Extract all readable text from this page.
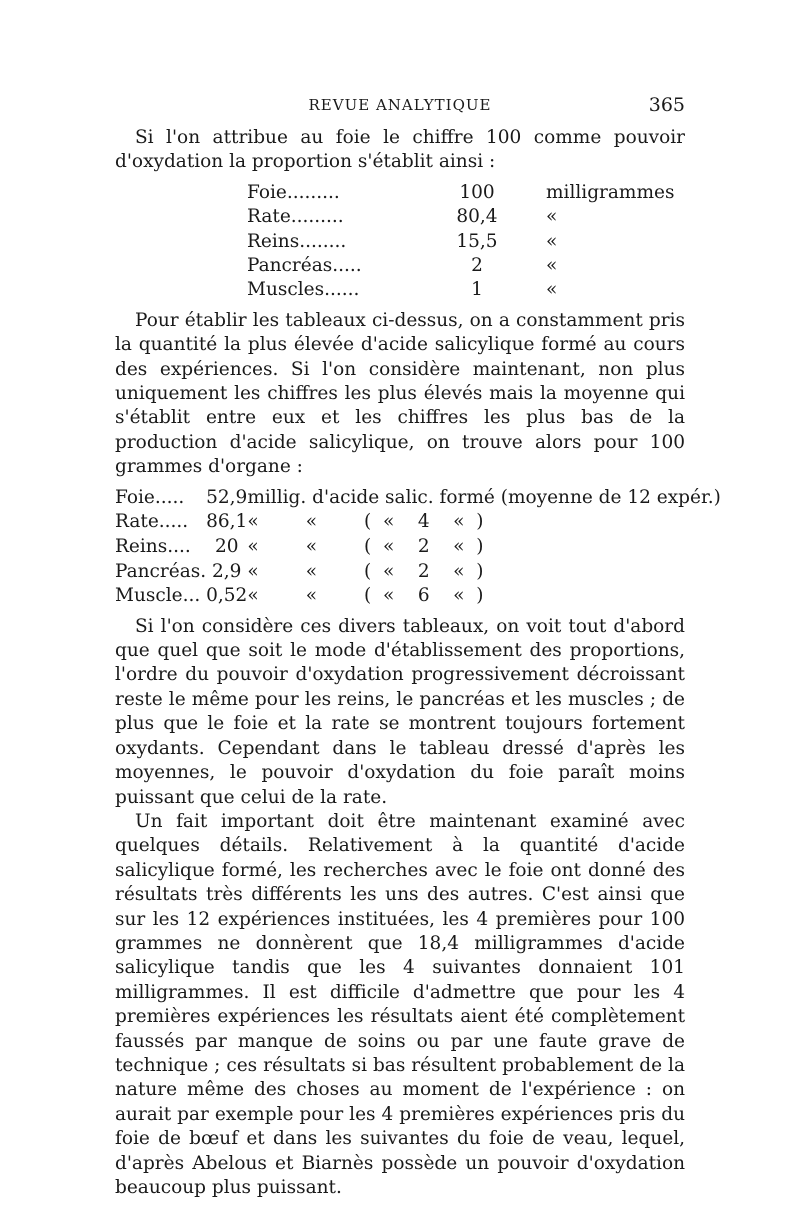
REVUE ANALYTIQUE	365

Si l'on attribue au foie le chiffre 100 comme pouvoir d'oxydation la proportion s'établit ainsi :

Foie.........	100	milligrammes
Rate.........	80,4	«
Reins........	15,5	«
Pancréas.....	2	«
Muscles......	1	«

Pour établir les tableaux ci-dessus, on a constamment pris la quantité la plus élevée d'acide salicylique formé au cours des expériences. Si l'on considère maintenant, non plus uniquement les chiffres les plus élevés mais la moyenne qui s'établit entre eux et les chiffres les plus bas de la production d'acide salicylique, on trouve alors pour 100 grammes d'organe :

Foie.....	52,9	millig. d'acide salic. formé (moyenne de 12 expér.)
Rate.....	86,1	«        «        (  «    4    «  )
Reins....	20	«        «        (  «    2    «  )
Pancréas.	2,9	«        «        (  «    2    «  )
Muscle...	0,52	«        «        (  «    6    «  )

Si l'on considère ces divers tableaux, on voit tout d'abord que quel que soit le mode d'établissement des proportions, l'ordre du pouvoir d'oxydation progressivement décroissant reste le même pour les reins, le pancréas et les muscles ; de plus que le foie et la rate se montrent toujours fortement oxydants. Cependant dans le tableau dressé d'après les moyennes, le pouvoir d'oxydation du foie paraît moins puissant que celui de la rate.

Un fait important doit être maintenant examiné avec quelques détails. Relativement à la quantité d'acide salicylique formé, les recherches avec le foie ont donné des résultats très différents les uns des autres. C'est ainsi que sur les 12 expériences instituées, les 4 premières pour 100 grammes ne donnèrent que 18,4 milligrammes d'acide salicylique tandis que les 4 suivantes donnaient 101 milligrammes. Il est difficile d'admettre que pour les 4 premières expériences les résultats aient été complètement faussés par manque de soins ou par une faute grave de technique ; ces résultats si bas résultent probablement de la nature même des choses au moment de l'expérience : on aurait par exemple pour les 4 premières expériences pris du foie de bœuf et dans les suivantes du foie de veau, lequel, d'après Abelous et Biarnès possède un pouvoir d'oxydation beaucoup plus puissant.
